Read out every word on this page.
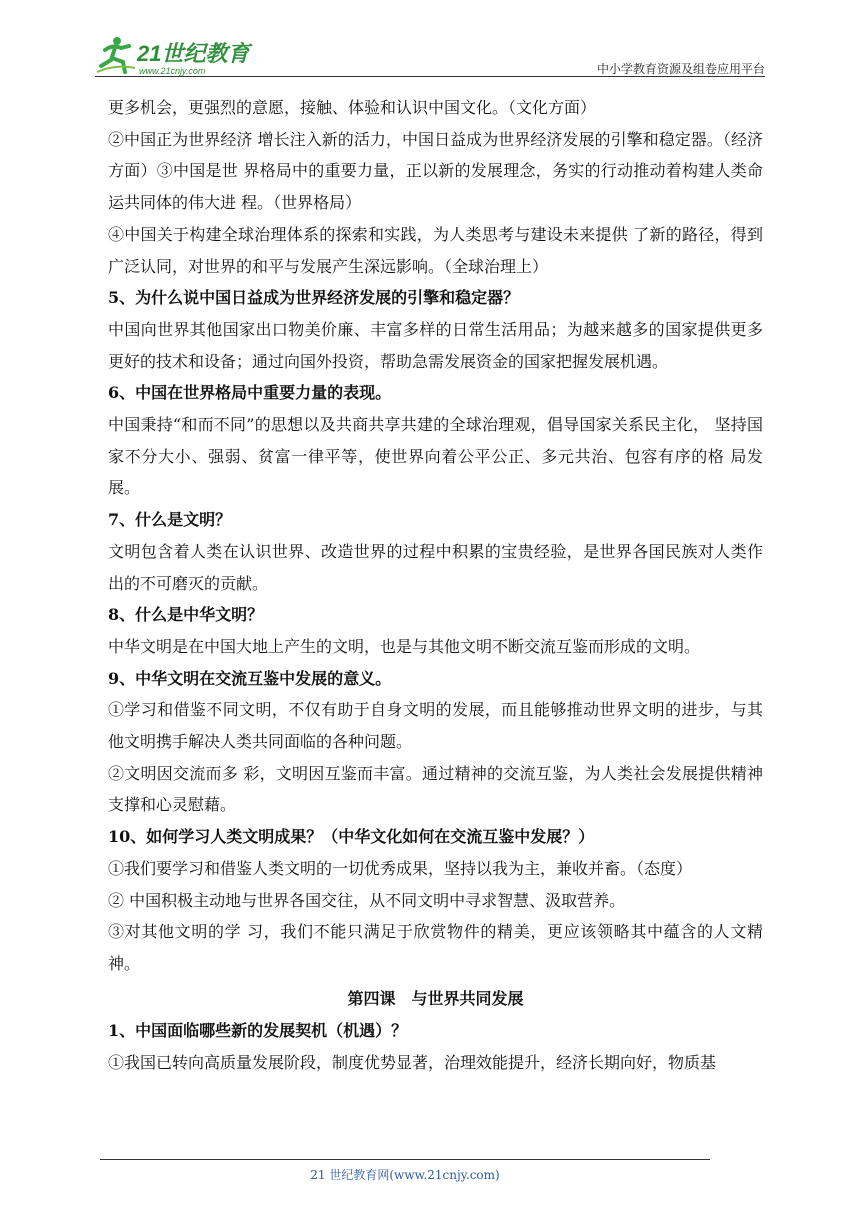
21世纪教育
www.21cnjy.com	中小学教育资源及组卷应用平台

更多机会，更强烈的意愿，接触、体验和认识中国文化。（文化方面）

②中国正为世界经济 增长注入新的活力，中国日益成为世界经济发展的引擎和稳定器。（经济方面）③中国是世 界格局中的重要力量，正以新的发展理念，务实的行动推动着构建人类命运共同体的伟大进 程。（世界格局）

④中国关于构建全球治理体系的探索和实践，为人类思考与建设未来提供 了新的路径，得到广泛认同，对世界的和平与发展产生深远影响。（全球治理上）

5、为什么说中国日益成为世界经济发展的引擎和稳定器？

中国向世界其他国家出口物美价廉、丰富多样的日常生活用品；为越来越多的国家提供更多更好的技术和设备；通过向国外投资，帮助急需发展资金的国家把握发展机遇。

6、中国在世界格局中重要力量的表现。

中国秉持“和而不同”的思想以及共商共享共建的全球治理观，倡导国家关系民主化， 坚持国家不分大小、强弱、贫富一律平等，使世界向着公平公正、多元共治、包容有序的格 局发展。

7、什么是文明？

文明包含着人类在认识世界、改造世界的过程中积累的宝贵经验，是世界各国民族对人类作出的不可磨灭的贡献。

8、什么是中华文明？

中华文明是在中国大地上产生的文明，也是与其他文明不断交流互鉴而形成的文明。

9、中华文明在交流互鉴中发展的意义。

①学习和借鉴不同文明，不仅有助于自身文明的发展，而且能够推动世界文明的进步，与其他文明携手解决人类共同面临的各种问题。

②文明因交流而多 彩，文明因互鉴而丰富。通过精神的交流互鉴，为人类社会发展提供精神支撑和心灵慰藉。

10、如何学习人类文明成果？（中华文化如何在交流互鉴中发展？）

①我们要学习和借鉴人类文明的一切优秀成果，坚持以我为主，兼收并畜。（态度）

② 中国积极主动地与世界各国交往，从不同文明中寻求智慧、汲取营养。

③对其他文明的学 习，我们不能只满足于欣赏物件的精美，更应该领略其中蕴含的人文精神。

第四课　与世界共同发展

1、中国面临哪些新的发展契机（机遇）？

①我国已转向高质量发展阶段，制度优势显著，治理效能提升，经济长期向好，物质基

21 世纪教育网(www.21cnjy.com)
